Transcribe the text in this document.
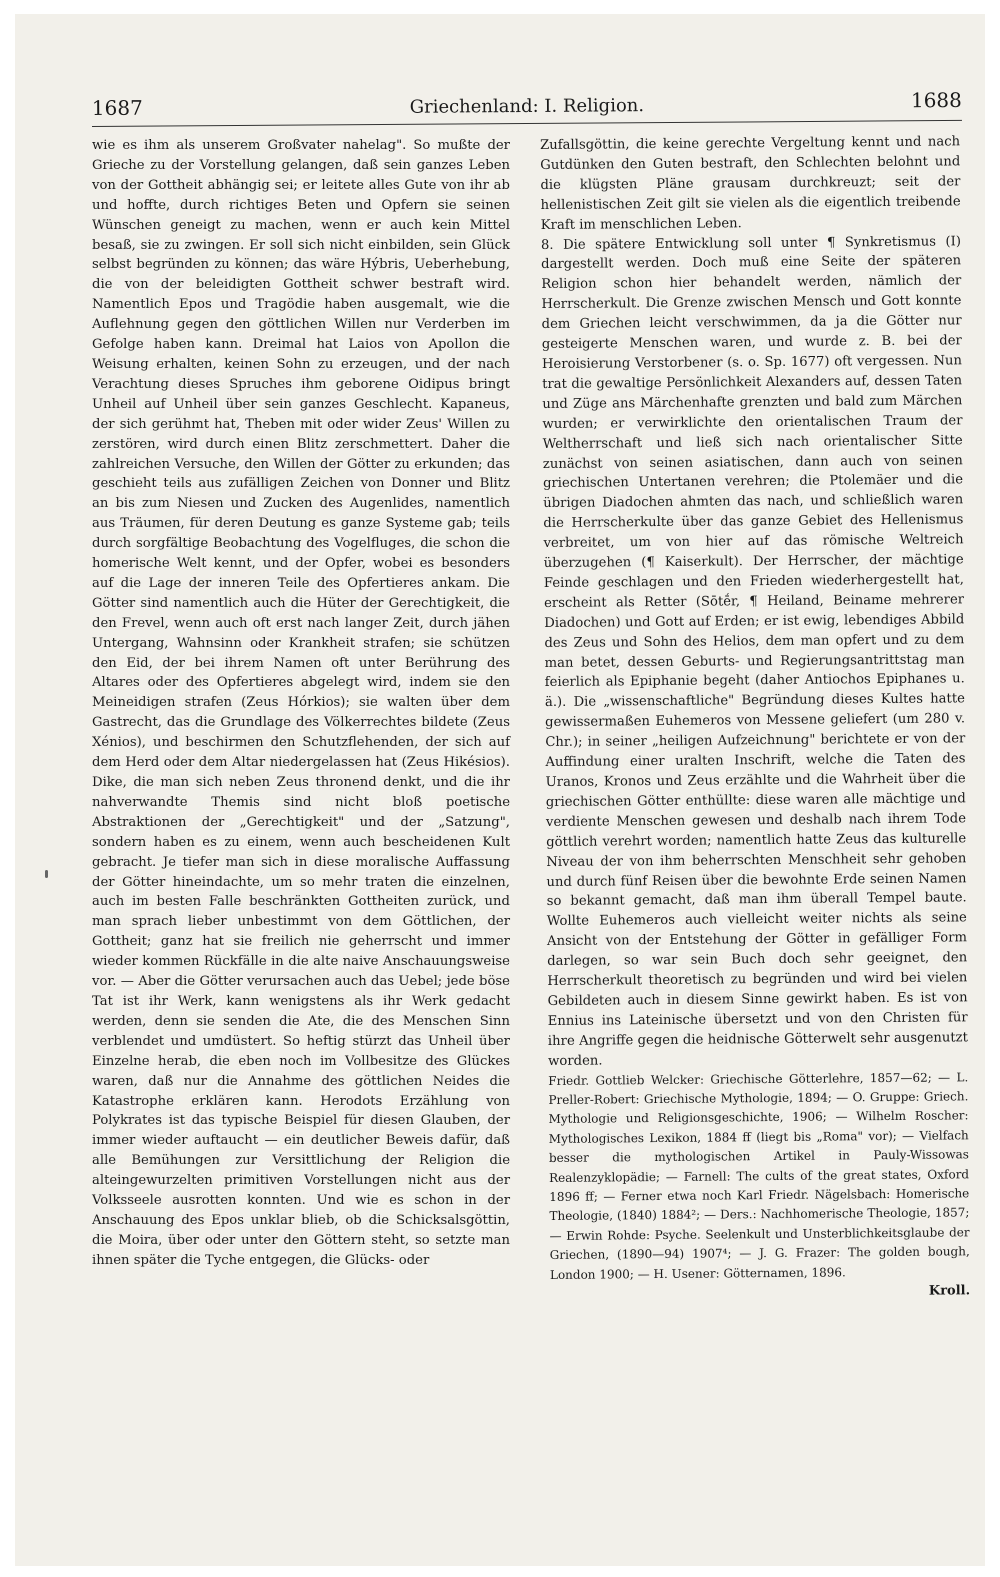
1687	Griechenland: I. Religion.	1688

wie es ihm als unserem Großvater nahelag". So mußte der Grieche zu der Vorstellung gelangen, daß sein ganzes Leben von der Gottheit abhängig sei; er leitete alles Gute von ihr ab und hoffte, durch richtiges Beten und Opfern sie seinen Wünschen geneigt zu machen, wenn er auch kein Mittel besaß, sie zu zwingen. Er soll sich nicht einbilden, sein Glück selbst begründen zu können; das wäre Hýbris, Ueberhebung, die von der beleidigten Gottheit schwer bestraft wird. Namentlich Epos und Tragödie haben ausgemalt, wie die Auflehnung gegen den göttlichen Willen nur Verderben im Gefolge haben kann. Dreimal hat Laios von Apollon die Weisung erhalten, keinen Sohn zu erzeugen, und der nach Verachtung dieses Spruches ihm geborene Oidipus bringt Unheil auf Unheil über sein ganzes Geschlecht. Kapaneus, der sich gerühmt hat, Theben mit oder wider Zeus' Willen zu zerstören, wird durch einen Blitz zerschmettert. Daher die zahlreichen Versuche, den Willen der Götter zu erkunden; das geschieht teils aus zufälligen Zeichen von Donner und Blitz an bis zum Niesen und Zucken des Augenlides, namentlich aus Träumen, für deren Deutung es ganze Systeme gab; teils durch sorgfältige Beobachtung des Vogelfluges, die schon die homerische Welt kennt, und der Opfer, wobei es besonders auf die Lage der inneren Teile des Opfertieres ankam. Die Götter sind namentlich auch die Hüter der Gerechtigkeit, die den Frevel, wenn auch oft erst nach langer Zeit, durch jähen Untergang, Wahnsinn oder Krankheit strafen; sie schützen den Eid, der bei ihrem Namen oft unter Berührung des Altares oder des Opfertieres abgelegt wird, indem sie den Meineidigen strafen (Zeus Hórkios); sie walten über dem Gastrecht, das die Grundlage des Völkerrechtes bildete (Zeus Xénios), und beschirmen den Schutzflehenden, der sich auf dem Herd oder dem Altar niedergelassen hat (Zeus Hikésios). Dike, die man sich neben Zeus thronend denkt, und die ihr nahverwandte Themis sind nicht bloß poetische Abstraktionen der „Gerechtigkeit" und der „Satzung", sondern haben es zu einem, wenn auch bescheidenen Kult gebracht. Je tiefer man sich in diese moralische Auffassung der Götter hineindachte, um so mehr traten die einzelnen, auch im besten Falle beschränkten Gottheiten zurück, und man sprach lieber unbestimmt von dem Göttlichen, der Gottheit; ganz hat sie freilich nie geherrscht und immer wieder kommen Rückfälle in die alte naive Anschauungsweise vor. — Aber die Götter verursachen auch das Uebel; jede böse Tat ist ihr Werk, kann wenigstens als ihr Werk gedacht werden, denn sie senden die Ate, die des Menschen Sinn verblendet und umdüstert. So heftig stürzt das Unheil über Einzelne herab, die eben noch im Vollbesitze des Glückes waren, daß nur die Annahme des göttlichen Neides die Katastrophe erklären kann. Herodots Erzählung von Polykrates ist das typische Beispiel für diesen Glauben, der immer wieder auftaucht — ein deutlicher Beweis dafür, daß alle Bemühungen zur Versittlichung der Religion die alteingewurzelten primitiven Vorstellungen nicht aus der Volksseele ausrotten konnten. Und wie es schon in der Anschauung des Epos unklar blieb, ob die Schicksalsgöttin, die Moira, über oder unter den Göttern steht, so setzte man ihnen später die Tyche entgegen, die Glücks- oder

Zufallsgöttin, die keine gerechte Vergeltung kennt und nach Gutdünken den Guten bestraft, den Schlechten belohnt und die klügsten Pläne grausam durchkreuzt; seit der hellenistischen Zeit gilt sie vielen als die eigentlich treibende Kraft im menschlichen Leben.

8. Die spätere Entwicklung soll unter ¶ Synkretismus (I) dargestellt werden. Doch muß eine Seite der späteren Religion schon hier behandelt werden, nämlich der Herrscherkult. Die Grenze zwischen Mensch und Gott konnte dem Griechen leicht verschwimmen, da ja die Götter nur gesteigerte Menschen waren, und wurde z. B. bei der Heroisierung Verstorbener (s. o. Sp. 1677) oft vergessen. Nun trat die gewaltige Persönlichkeit Alexanders auf, dessen Taten und Züge ans Märchenhafte grenzten und bald zum Märchen wurden; er verwirklichte den orientalischen Traum der Weltherrschaft und ließ sich nach orientalischer Sitte zunächst von seinen asiatischen, dann auch von seinen griechischen Untertanen verehren; die Ptolemäer und die übrigen Diadochen ahmten das nach, und schließlich waren die Herrscherkulte über das ganze Gebiet des Hellenismus verbreitet, um von hier auf das römische Weltreich überzugehen (¶ Kaiserkult). Der Herrscher, der mächtige Feinde geschlagen und den Frieden wiederhergestellt hat, erscheint als Retter (Sōtḗr, ¶ Heiland, Beiname mehrerer Diadochen) und Gott auf Erden; er ist ewig, lebendiges Abbild des Zeus und Sohn des Helios, dem man opfert und zu dem man betet, dessen Geburts- und Regierungsantrittstag man feierlich als Epiphanie begeht (daher Antiochos Epiphanes u. ä.). Die „wissenschaftliche" Begründung dieses Kultes hatte gewissermaßen Euhemeros von Messene geliefert (um 280 v. Chr.); in seiner „heiligen Aufzeichnung" berichtete er von der Auffindung einer uralten Inschrift, welche die Taten des Uranos, Kronos und Zeus erzählte und die Wahrheit über die griechischen Götter enthüllte: diese waren alle mächtige und verdiente Menschen gewesen und deshalb nach ihrem Tode göttlich verehrt worden; namentlich hatte Zeus das kulturelle Niveau der von ihm beherrschten Menschheit sehr gehoben und durch fünf Reisen über die bewohnte Erde seinen Namen so bekannt gemacht, daß man ihm überall Tempel baute. Wollte Euhemeros auch vielleicht weiter nichts als seine Ansicht von der Entstehung der Götter in gefälliger Form darlegen, so war sein Buch doch sehr geeignet, den Herrscherkult theoretisch zu begründen und wird bei vielen Gebildeten auch in diesem Sinne gewirkt haben. Es ist von Ennius ins Lateinische übersetzt und von den Christen für ihre Angriffe gegen die heidnische Götterwelt sehr ausgenutzt worden.

Friedr. Gottlieb Welcker: Griechische Götterlehre, 1857—62; — L. Preller-Robert: Griechische Mythologie, 1894; — O. Gruppe: Griech. Mythologie und Religionsgeschichte, 1906; — Wilhelm Roscher: Mythologisches Lexikon, 1884 ff (liegt bis „Roma" vor); — Vielfach besser die mythologischen Artikel in Pauly-Wissowas Realenzyklopädie; — Farnell: The cults of the great states, Oxford 1896 ff; — Ferner etwa noch Karl Friedr. Nägelsbach: Homerische Theologie, (1840) 1884²; — Ders.: Nachhomerische Theologie, 1857; — Erwin Rohde: Psyche. Seelenkult und Unsterblichkeitsglaube der Griechen, (1890—94) 1907⁴; — J. G. Frazer: The golden bough, London 1900; — H. Usener: Götternamen, 1896.

Kroll.
